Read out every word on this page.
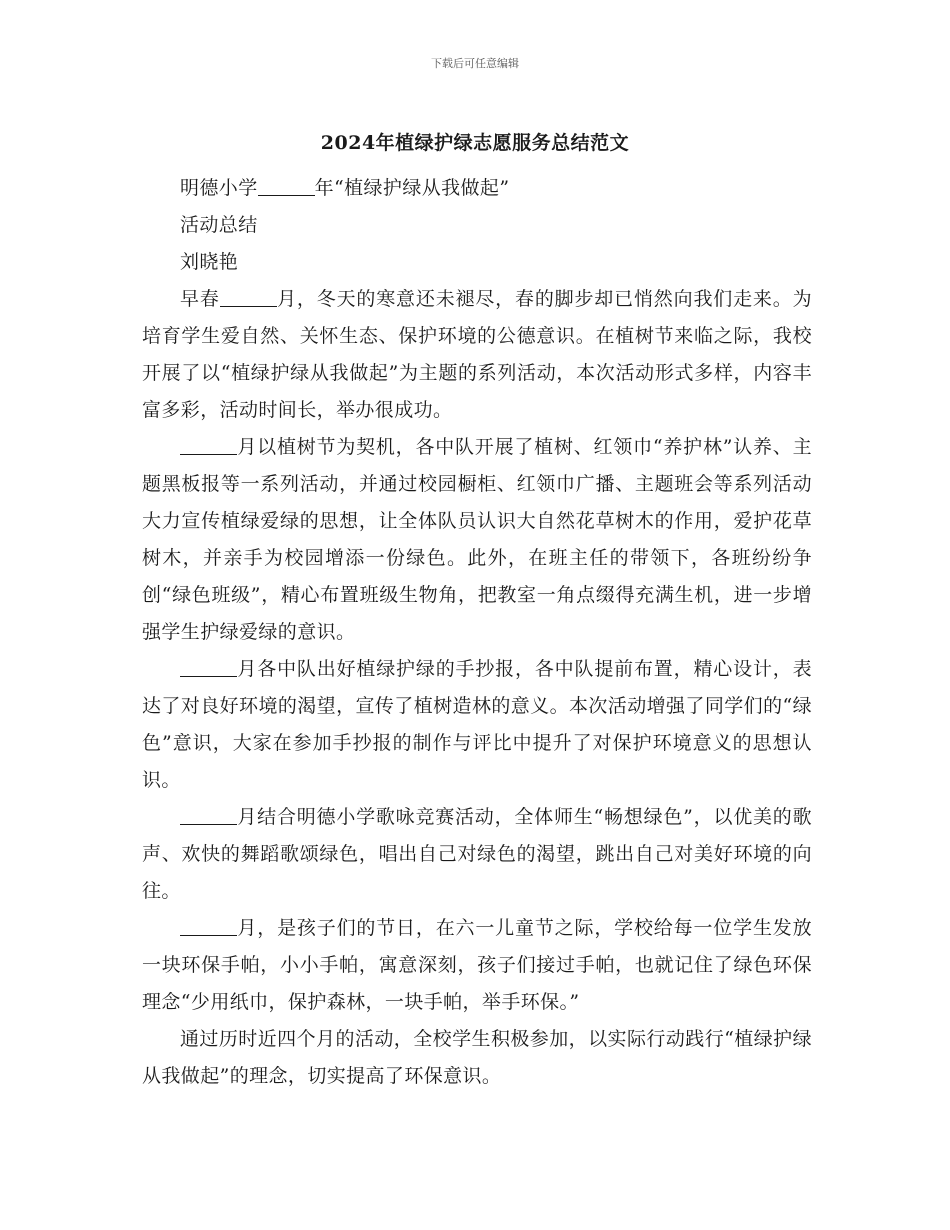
下载后可任意编辑
2024年植绿护绿志愿服务总结范文

明德小学	年“植绿护绿从我做起”

活动总结

刘晓艳

早春	月，冬天的寒意还未褪尽，春的脚步却已悄然向我们走来。为培育学生爱自然、关怀生态、保护环境的公德意识。在植树节来临之际，我校开展了以“植绿护绿从我做起”为主题的系列活动，本次活动形式多样，内容丰富多彩，活动时间长，举办很成功。

月以植树节为契机，各中队开展了植树、红领巾“养护林”认养、主题黑板报等一系列活动，并通过校园橱柜、红领巾广播、主题班会等系列活动大力宣传植绿爱绿的思想，让全体队员认识大自然花草树木的作用，爱护花草树木，并亲手为校园增添一份绿色。此外，在班主任的带领下，各班纷纷争创“绿色班级”，精心布置班级生物角，把教室一角点缀得充满生机，进一步增强学生护绿爱绿的意识。

月各中队出好植绿护绿的手抄报，各中队提前布置，精心设计，表达了对良好环境的渴望，宣传了植树造林的意义。本次活动增强了同学们的“绿色”意识，大家在参加手抄报的制作与评比中提升了对保护环境意义的思想认识。

月结合明德小学歌咏竞赛活动，全体师生“畅想绿色”，以优美的歌声、欢快的舞蹈歌颂绿色，唱出自己对绿色的渴望，跳出自己对美好环境的向往。

月，是孩子们的节日，在六一儿童节之际，学校给每一位学生发放一块环保手帕，小小手帕，寓意深刻，孩子们接过手帕，也就记住了绿色环保理念“少用纸巾，保护森林，一块手帕，举手环保。”

通过历时近四个月的活动，全校学生积极参加，以实际行动践行“植绿护绿从我做起”的理念，切实提高了环保意识。
